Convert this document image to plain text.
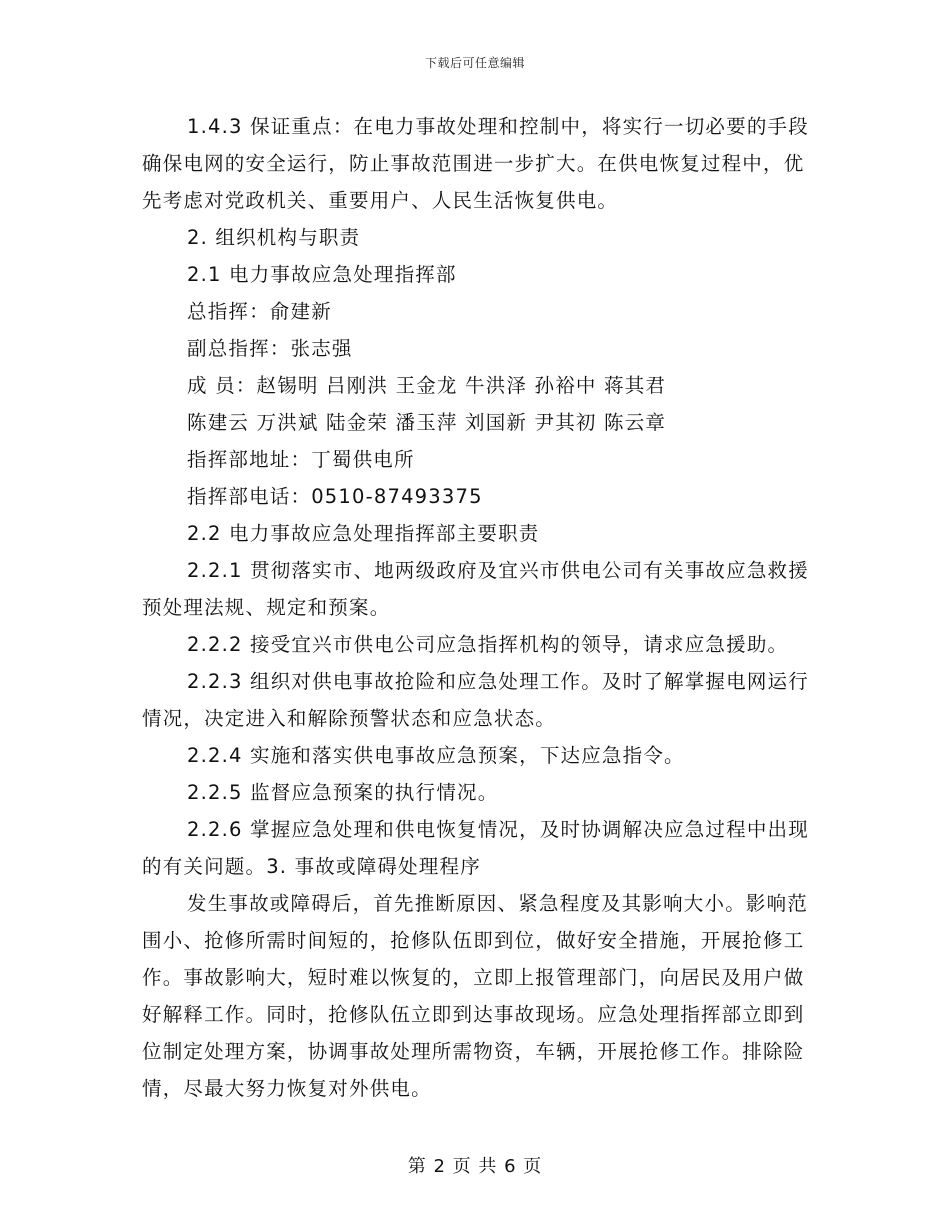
下载后可任意编辑

1.4.3 保证重点：在电力事故处理和控制中，将实行一切必要的手段确保电网的安全运行，防止事故范围进一步扩大。在供电恢复过程中，优先考虑对党政机关、重要用户、人民生活恢复供电。

2. 组织机构与职责

2.1 电力事故应急处理指挥部

总指挥：俞建新

副总指挥：张志强

成 员：赵锡明 吕刚洪 王金龙 牛洪泽 孙裕中 蒋其君

陈建云 万洪斌 陆金荣 潘玉萍 刘国新 尹其初 陈云章

指挥部地址：丁蜀供电所

指挥部电话：0510-87493375

2.2 电力事故应急处理指挥部主要职责

2.2.1 贯彻落实市、地两级政府及宜兴市供电公司有关事故应急救援预处理法规、规定和预案。

2.2.2 接受宜兴市供电公司应急指挥机构的领导，请求应急援助。

2.2.3 组织对供电事故抢险和应急处理工作。及时了解掌握电网运行情况，决定进入和解除预警状态和应急状态。

2.2.4 实施和落实供电事故应急预案，下达应急指令。

2.2.5 监督应急预案的执行情况。

2.2.6 掌握应急处理和供电恢复情况，及时协调解决应急过程中出现的有关问题。3. 事故或障碍处理程序

发生事故或障碍后，首先推断原因、紧急程度及其影响大小。影响范围小、抢修所需时间短的，抢修队伍即到位，做好安全措施，开展抢修工作。事故影响大，短时难以恢复的，立即上报管理部门，向居民及用户做好解释工作。同时，抢修队伍立即到达事故现场。应急处理指挥部立即到位制定处理方案，协调事故处理所需物资，车辆，开展抢修工作。排除险情，尽最大努力恢复对外供电。

第 2 页 共 6 页
